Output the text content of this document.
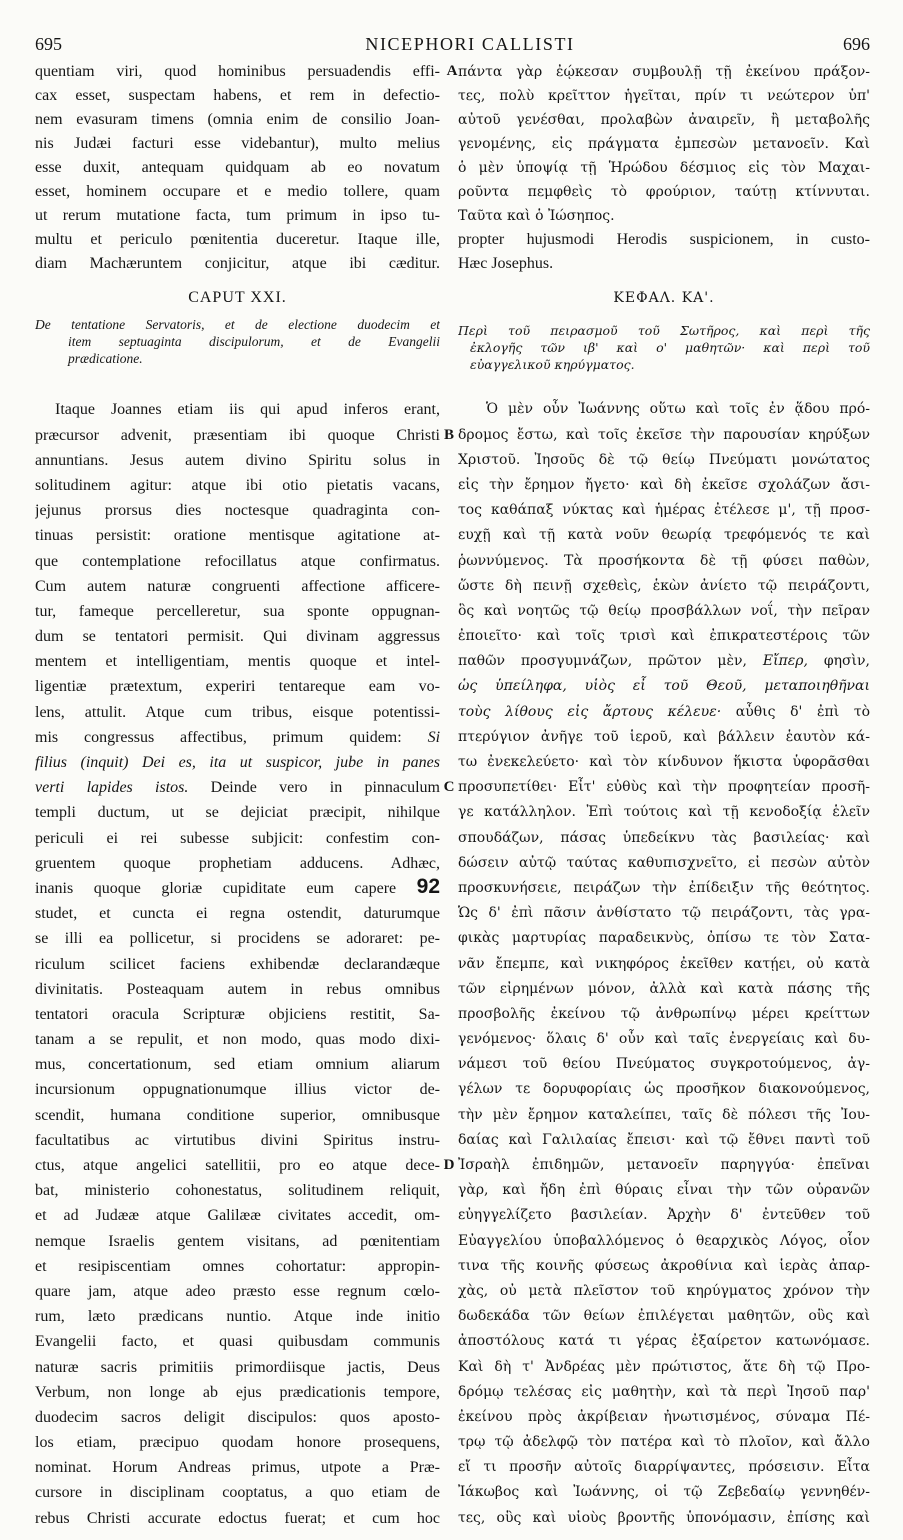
695	NICEPHORI CALLISTI	696
quentiam viri, quod hominibus persuadendis effi-
cax esset, suspectam habens, et rem in defectio-
nem evasuram timens (omnia enim de consilio Joan-
nis Judæi facturi esse videbantur), multo melius
esse duxit, antequam quidquam ab eo novatum
esset, hominem occupare et e medio tollere, quam
ut rerum mutatione facta, tum primum in ipso tu-
multu et periculo pœnitentia duceretur. Itaque ille,
diam Machæruntem conjicitur, atque ibi cæditur.
πάντα γὰρ ἐῴκεσαν συμβουλῇ τῇ ἐκείνου πράξον-
τες, πολὺ κρεῖττον ἡγεῖται, πρίν τι νεώτερον ὑπ'
αὐτοῦ γενέσθαι, προλαβὼν ἀναιρεῖν, ἢ μεταβολῆς
γενομένης, εἰς πράγματα ἐμπεσὼν μετανοεῖν. Καὶ
ὁ μὲν ὑποψίᾳ τῇ Ἡρώδου δέσμιος εἰς τὸν Μαχαι-
ροῦντα πεμφθεὶς τὸ φρούριον, ταύτῃ κτίννυται.
Ταῦτα καὶ ὁ Ἰώσηπος.
propter hujusmodi Herodis suspicionem, in custo-
Hæc Josephus.
CAPUT XXI.	ΚΕΦΑΛ. ΚΑ'.
De tentatione Servatoris, et de electione duodecim et
item septuaginta discipulorum, et de Evangelii
prædicatione.
Περὶ τοῦ πειρασμοῦ τοῦ Σωτῆρος, καὶ περὶ τῆς
ἐκλογῆς τῶν ιβ' καὶ ο' μαθητῶν· καὶ περὶ τοῦ
εὐαγγελικοῦ κηρύγματος.
Itaque Joannes etiam iis qui apud inferos erant,
præcursor advenit, præsentiam ibi quoque Christi
annuntians. Jesus autem divino Spiritu solus in
solitudinem agitur: atque ibi otio pietatis vacans,
jejunus prorsus dies noctesque quadraginta con-
tinuas persistit: oratione mentisque agitatione at-
que contemplatione refocillatus atque confirmatus.
Cum autem naturæ congruenti affectione afficere-
tur, fameque percelleretur, sua sponte oppugnan-
dum se tentatori permisit. Qui divinam aggressus
mentem et intelligentiam, mentis quoque et intel-
ligentiæ prætextum, experiri tentareque eam vo-
lens, attulit. Atque cum tribus, eisque potentissi-
mis congressus affectibus, primum quidem: Si
filius (inquit) Dei es, ita ut suspicor, jube in panes
verti lapides istos. Deinde vero in pinnaculum
templi ductum, ut se dejiciat præcipit, nihilque
periculi ei rei subesse subjicit: confestim con-
gruentem quoque prophetiam adducens. Adhæc,
inanis quoque gloriæ cupiditate eum capere 92
studet, et cuncta ei regna ostendit, daturumque
se illi ea pollicetur, si procidens se adoraret: pe-
riculum scilicet faciens exhibendæ declarandæque
divinitatis. Posteaquam autem in rebus omnibus
tentatori oracula Scripturæ objiciens restitit, Sa-
tanam a se repulit, et non modo, quas modo dixi-
mus, concertationum, sed etiam omnium aliarum
incursionum oppugnationumque illius victor de-
scendit, humana conditione superior, omnibusque
facultatibus ac virtutibus divini Spiritus instru-
ctus, atque angelici satellitii, pro eo atque dece-
bat, ministerio cohonestatus, solitudinem reliquit,
et ad Judææ atque Galilææ civitates accedit, om-
nemque Israelis gentem visitans, ad pœnitentiam
et resipiscentiam omnes cohortatur: appropin-
quare jam, atque adeo præsto esse regnum cœlo-
rum, læto prædicans nuntio. Atque inde initio
Evangelii facto, et quasi quibusdam communis
naturæ sacris primitiis primordiisque jactis, Deus
Verbum, non longe ab ejus prædicationis tempore,
duodecim sacros deligit discipulos: quos aposto-
los etiam, præcipuo quodam honore prosequens,
nominat. Horum Andreas primus, utpote a Præ-
cursore in disciplinam cooptatus, a quo etiam de
rebus Christi accurate edoctus fuerat; et cum hoc
Ὁ μὲν οὖν Ἰωάννης οὕτω καὶ τοῖς ἐν ᾅδου πρό-
δρομος ἔστω, καὶ τοῖς ἐκεῖσε τὴν παρουσίαν κηρύξων
Χριστοῦ. Ἰησοῦς δὲ τῷ θείῳ Πνεύματι μονώτατος
εἰς τὴν ἔρημον ἤγετο· καὶ δὴ ἐκεῖσε σχολάζων ἄσι-
τος καθάπαξ νύκτας καὶ ἡμέρας ἐτέλεσε μ', τῇ προσ-
ευχῇ καὶ τῇ κατὰ νοῦν θεωρίᾳ τρεφόμενός τε καὶ
ῥωννύμενος. Τὰ προσήκοντα δὲ τῇ φύσει παθὼν,
ὥστε δὴ πεινῇ σχεθεὶς, ἑκὼν ἀνίετο τῷ πειράζοντι,
ὃς καὶ νοητῶς τῷ θείῳ προσβάλλων νοΐ, τὴν πεῖραν
ἐποιεῖτο· καὶ τοῖς τρισὶ καὶ ἐπικρατεστέροις τῶν
παθῶν προσγυμνάζων, πρῶτον μὲν, Εἴπερ, φησὶν,
ὡς ὑπείληφα, υἱὸς εἶ τοῦ Θεοῦ, μεταποιηθῆναι
τοὺς λίθους εἰς ἄρτους κέλευε· αὖθις δ' ἐπὶ τὸ
πτερύγιον ἀνῆγε τοῦ ἱεροῦ, καὶ βάλλειν ἑαυτὸν κά-
τω ἐνεκελεύετο· καὶ τὸν κίνδυνον ἥκιστα ὑφορᾶσθαι
προσυπετίθει· Εἶτ' εὐθὺς καὶ τὴν προφητείαν προσῆ-
γε κατάλληλον. Ἐπὶ τούτοις καὶ τῇ κενοδοξίᾳ ἑλεῖν
σπουδάζων, πάσας ὑπεδείκνυ τὰς βασιλείας· καὶ
δώσειν αὐτῷ ταύτας καθυπισχνεῖτο, εἰ πεσὼν αὐτὸν
προσκυνήσειε, πειράζων τὴν ἐπίδειξιν τῆς θεότητος.
Ὡς δ' ἐπὶ πᾶσιν ἀνθίστατο τῷ πειράζοντι, τὰς γρα-
φικὰς μαρτυρίας παραδεικνὺς, ὀπίσω τε τὸν Σατα-
νᾶν ἔπεμπε, καὶ νικηφόρος ἐκεῖθεν κατῄει, οὐ κατὰ
τῶν εἰρημένων μόνον, ἀλλὰ καὶ κατὰ πάσης τῆς
προσβολῆς ἐκείνου τῷ ἀνθρωπίνῳ μέρει κρείττων
γενόμενος· ὅλαις δ' οὖν καὶ ταῖς ἐνεργείαις καὶ δυ-
νάμεσι τοῦ θείου Πνεύματος συγκροτούμενος, ἀγ-
γέλων τε δορυφορίαις ὡς προσῆκον διακονούμενος,
τὴν μὲν ἔρημον καταλείπει, ταῖς δὲ πόλεσι τῆς Ἰου-
δαίας καὶ Γαλιλαίας ἔπεισι· καὶ τῷ ἔθνει παντὶ τοῦ
Ἰσραὴλ ἐπιδημῶν, μετανοεῖν παρηγγύα· ἐπεῖναι
γὰρ, καὶ ἤδη ἐπὶ θύραις εἶναι τὴν τῶν οὐρανῶν
εὐηγγελίζετο βασιλείαν. Ἀρχὴν δ' ἐντεῦθεν τοῦ
Εὐαγγελίου ὑποβαλλόμενος ὁ θεαρχικὸς Λόγος, οἷον
τινα τῆς κοινῆς φύσεως ἀκροθίνια καὶ ἱερὰς ἀπαρ-
χὰς, οὐ μετὰ πλεῖστον τοῦ κηρύγματος χρόνον τὴν
δωδεκάδα τῶν θείων ἐπιλέγεται μαθητῶν, οὓς καὶ
ἀποστόλους κατά τι γέρας ἐξαίρετον κατωνόμασε.
Καὶ δὴ τ' Ἀνδρέας μὲν πρώτιστος, ἅτε δὴ τῷ Προ-
δρόμῳ τελέσας εἰς μαθητὴν, καὶ τὰ περὶ Ἰησοῦ παρ'
ἐκείνου πρὸς ἀκρίβειαν ἠνωτισμένος, σύναμα Πέ-
τρῳ τῷ ἀδελφῷ τὸν πατέρα καὶ τὸ πλοῖον, καὶ ἄλλο
εἴ τι προσῆν αὐτοῖς διαρρίψαντες, πρόσεισιν. Εἶτα
Ἰάκωβος καὶ Ἰωάννης, οἱ τῷ Ζεβεδαίῳ γεννηθέν-
τες, οὓς καὶ υἱοὺς βροντῆς ὑπονόμασιν, ἐπίσης καὶ
A
B
C
D
